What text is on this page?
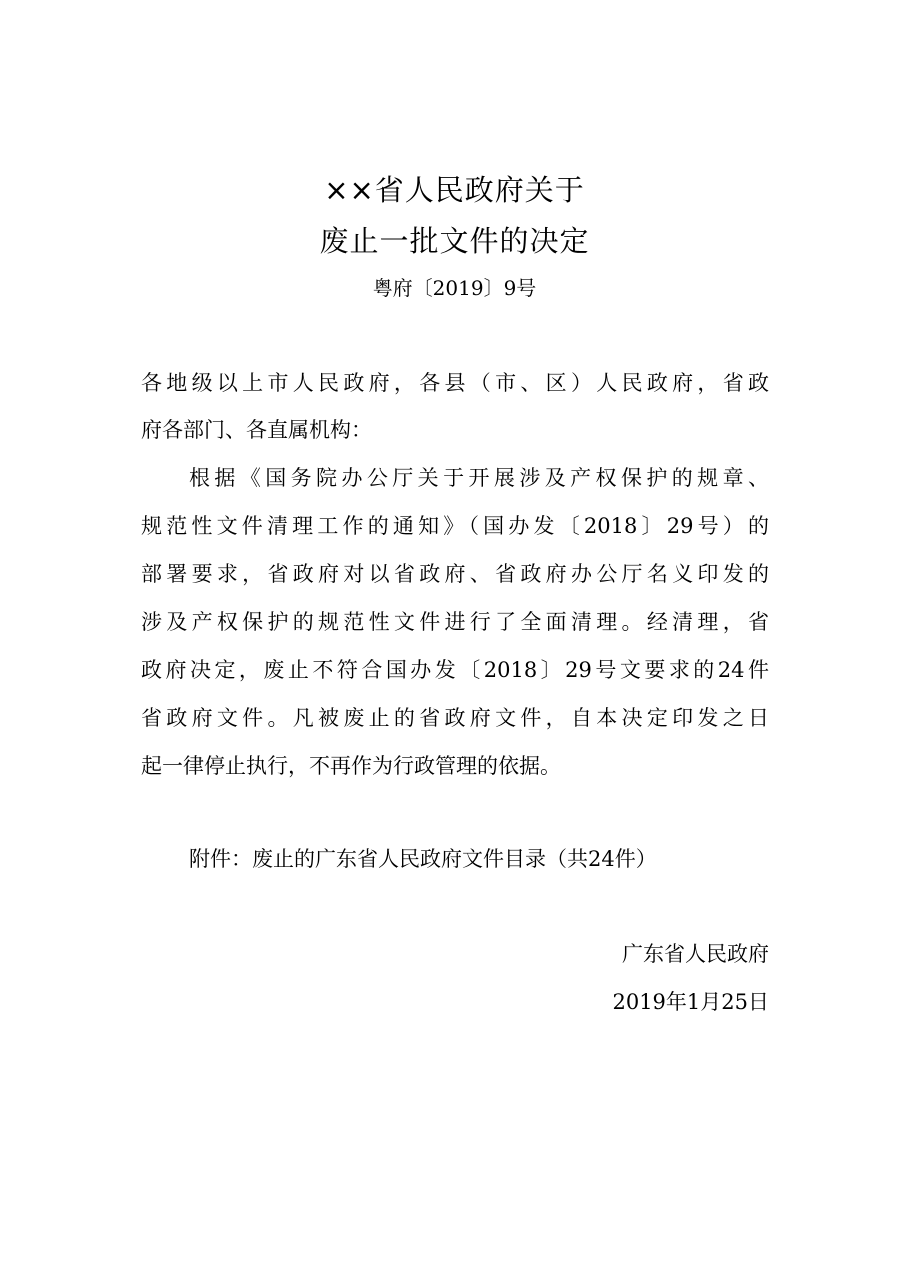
××省人民政府关于
废止一批文件的决定
粤府〔2019〕9号
各地级以上市人民政府，各县（市、区）人民政府，省政
府各部门、各直属机构：
根据《国务院办公厅关于开展涉及产权保护的规章、
规范性文件清理工作的通知》（国办发〔2018〕29号）的
部署要求，省政府对以省政府、省政府办公厅名义印发的
涉及产权保护的规范性文件进行了全面清理。经清理，省
政府决定，废止不符合国办发〔2018〕29号文要求的24件
省政府文件。凡被废止的省政府文件，自本决定印发之日
起一律停止执行，不再作为行政管理的依据。
附件：废止的广东省人民政府文件目录（共24件）
广东省人民政府
2019年1月25日
